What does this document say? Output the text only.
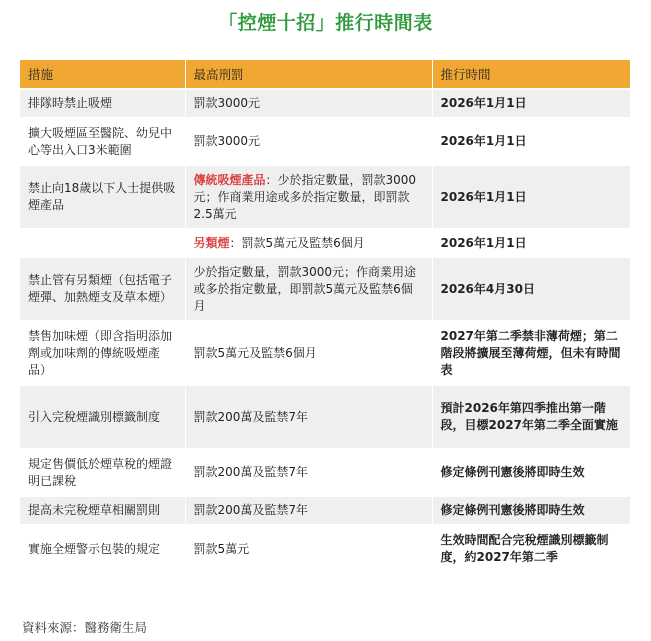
「控煙十招」推行時間表
措施	最高刑罰	推行時間
排隊時禁止吸煙	罰款3000元	2026年1月1日
擴大吸煙區至醫院、幼兒中心等出入口3米範圍	罰款3000元	2026年1月1日
禁止向18歲以下人士提供吸煙產品	傳統吸煙產品：少於指定數量，罰款3000元；作商業用途或多於指定數量，即罰款2.5萬元	2026年1月1日
	另類煙：罰款5萬元及監禁6個月	2026年1月1日
禁止管有另類煙（包括電子煙彈、加熱煙支及草本煙）	少於指定數量，罰款3000元；作商業用途或多於指定數量，即罰款5萬元及監禁6個月	2026年4月30日
禁售加味煙（即含指明添加劑或加味劑的傳統吸煙產品）	罰款5萬元及監禁6個月	2027年第二季禁非薄荷煙；第二階段將擴展至薄荷煙，但未有時間表
引入完稅煙識別標籤制度	罰款200萬及監禁7年	預計2026年第四季推出第一階段，目標2027年第二季全面實施
規定售價低於煙草稅的煙證明已課稅	罰款200萬及監禁7年	修定條例刊憲後將即時生效
提高未完稅煙草相關罰則	罰款200萬及監禁7年	修定條例刊憲後將即時生效
實施全煙警示包裝的規定	罰款5萬元	生效時間配合完稅煙識別標籤制度，約2027年第二季
資料來源：醫務衛生局
